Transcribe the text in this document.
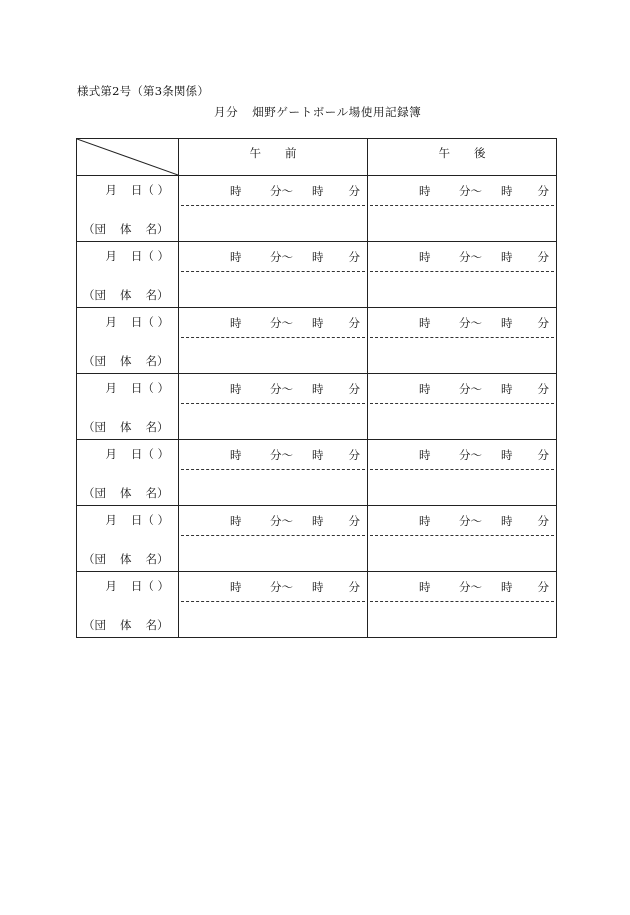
様式第2号（第3条関係）
月分 畑野ゲートボール場使用記録簿

午 前	午 後

月 日（ ）
（団 体 名）	時 分〜 時 分	時 分〜 時 分

月 日（ ）
（団 体 名）	時 分〜 時 分	時 分〜 時 分

月 日（ ）
（団 体 名）	時 分〜 時 分	時 分〜 時 分

月 日（ ）
（団 体 名）	時 分〜 時 分	時 分〜 時 分

月 日（ ）
（団 体 名）	時 分〜 時 分	時 分〜 時 分

月 日（ ）
（団 体 名）	時 分〜 時 分	時 分〜 時 分

月 日（ ）
（団 体 名）	時 分〜 時 分	時 分〜 時 分
